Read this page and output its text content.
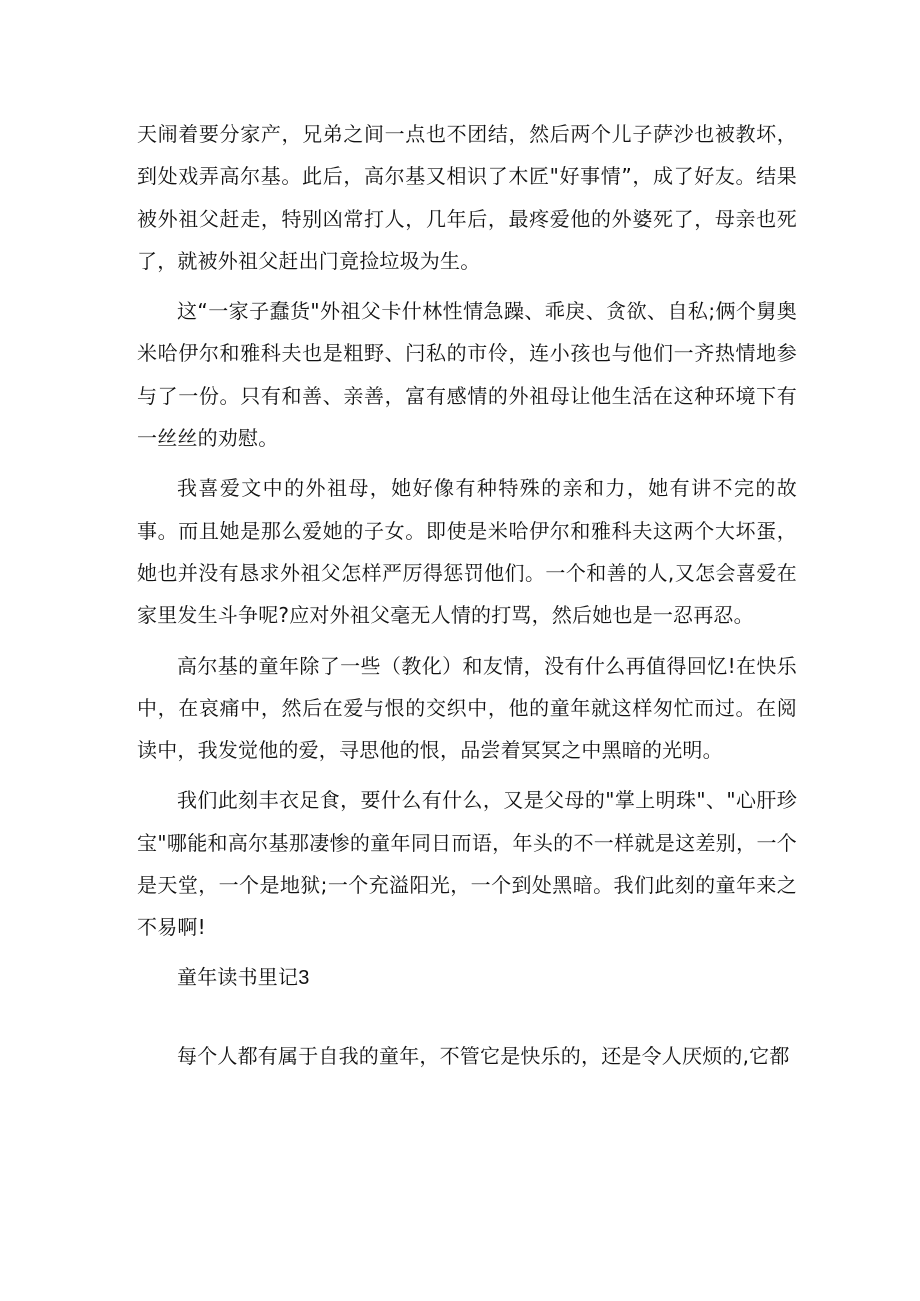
天闹着要分家产，兄弟之间一点也不团结，然后两个儿子萨沙也被教坏，到处戏弄高尔基。此后，高尔基又相识了木匠"好事情”，成了好友。结果被外祖父赶走，特别凶常打人，几年后，最疼爱他的外婆死了，母亲也死了，就被外祖父赶出门竟捡垃圾为生。

这“一家子蠢货"外祖父卡什林性情急躁、乖戾、贪欲、自私;俩个舅奥米哈伊尔和雅科夫也是粗野、闩私的市伶，连小孩也与他们一齐热情地参与了一份。只有和善、亲善，富有感情的外祖母让他生活在这种环境下有一丝丝的劝慰。

我喜爱文中的外祖母，她好像有种特殊的亲和力，她有讲不完的故事。而且她是那么爱她的子女。即使是米哈伊尔和雅科夫这两个大坏蛋，她也并没有恳求外祖父怎样严厉得惩罚他们。一个和善的人,又怎会喜爱在家里发生斗争呢?应对外祖父毫无人情的打骂，然后她也是一忍再忍。

高尔基的童年除了一些（教化）和友情，没有什么再值得回忆!在快乐中，在哀痛中，然后在爱与恨的交织中，他的童年就这样匆忙而过。在阅读中，我发觉他的爱，寻思他的恨，品尝着冥冥之中黑暗的光明。

我们此刻丰衣足食，要什么有什么，又是父母的"掌上明珠"、"心肝珍宝"哪能和高尔基那凄惨的童年同日而语，年头的不一样就是这差别，一个是天堂，一个是地狱;一个充溢阳光，一个到处黑暗。我们此刻的童年来之不易啊!

童年读书里记3

每个人都有属于自我的童年，不管它是快乐的，还是令人厌烦的,它都
